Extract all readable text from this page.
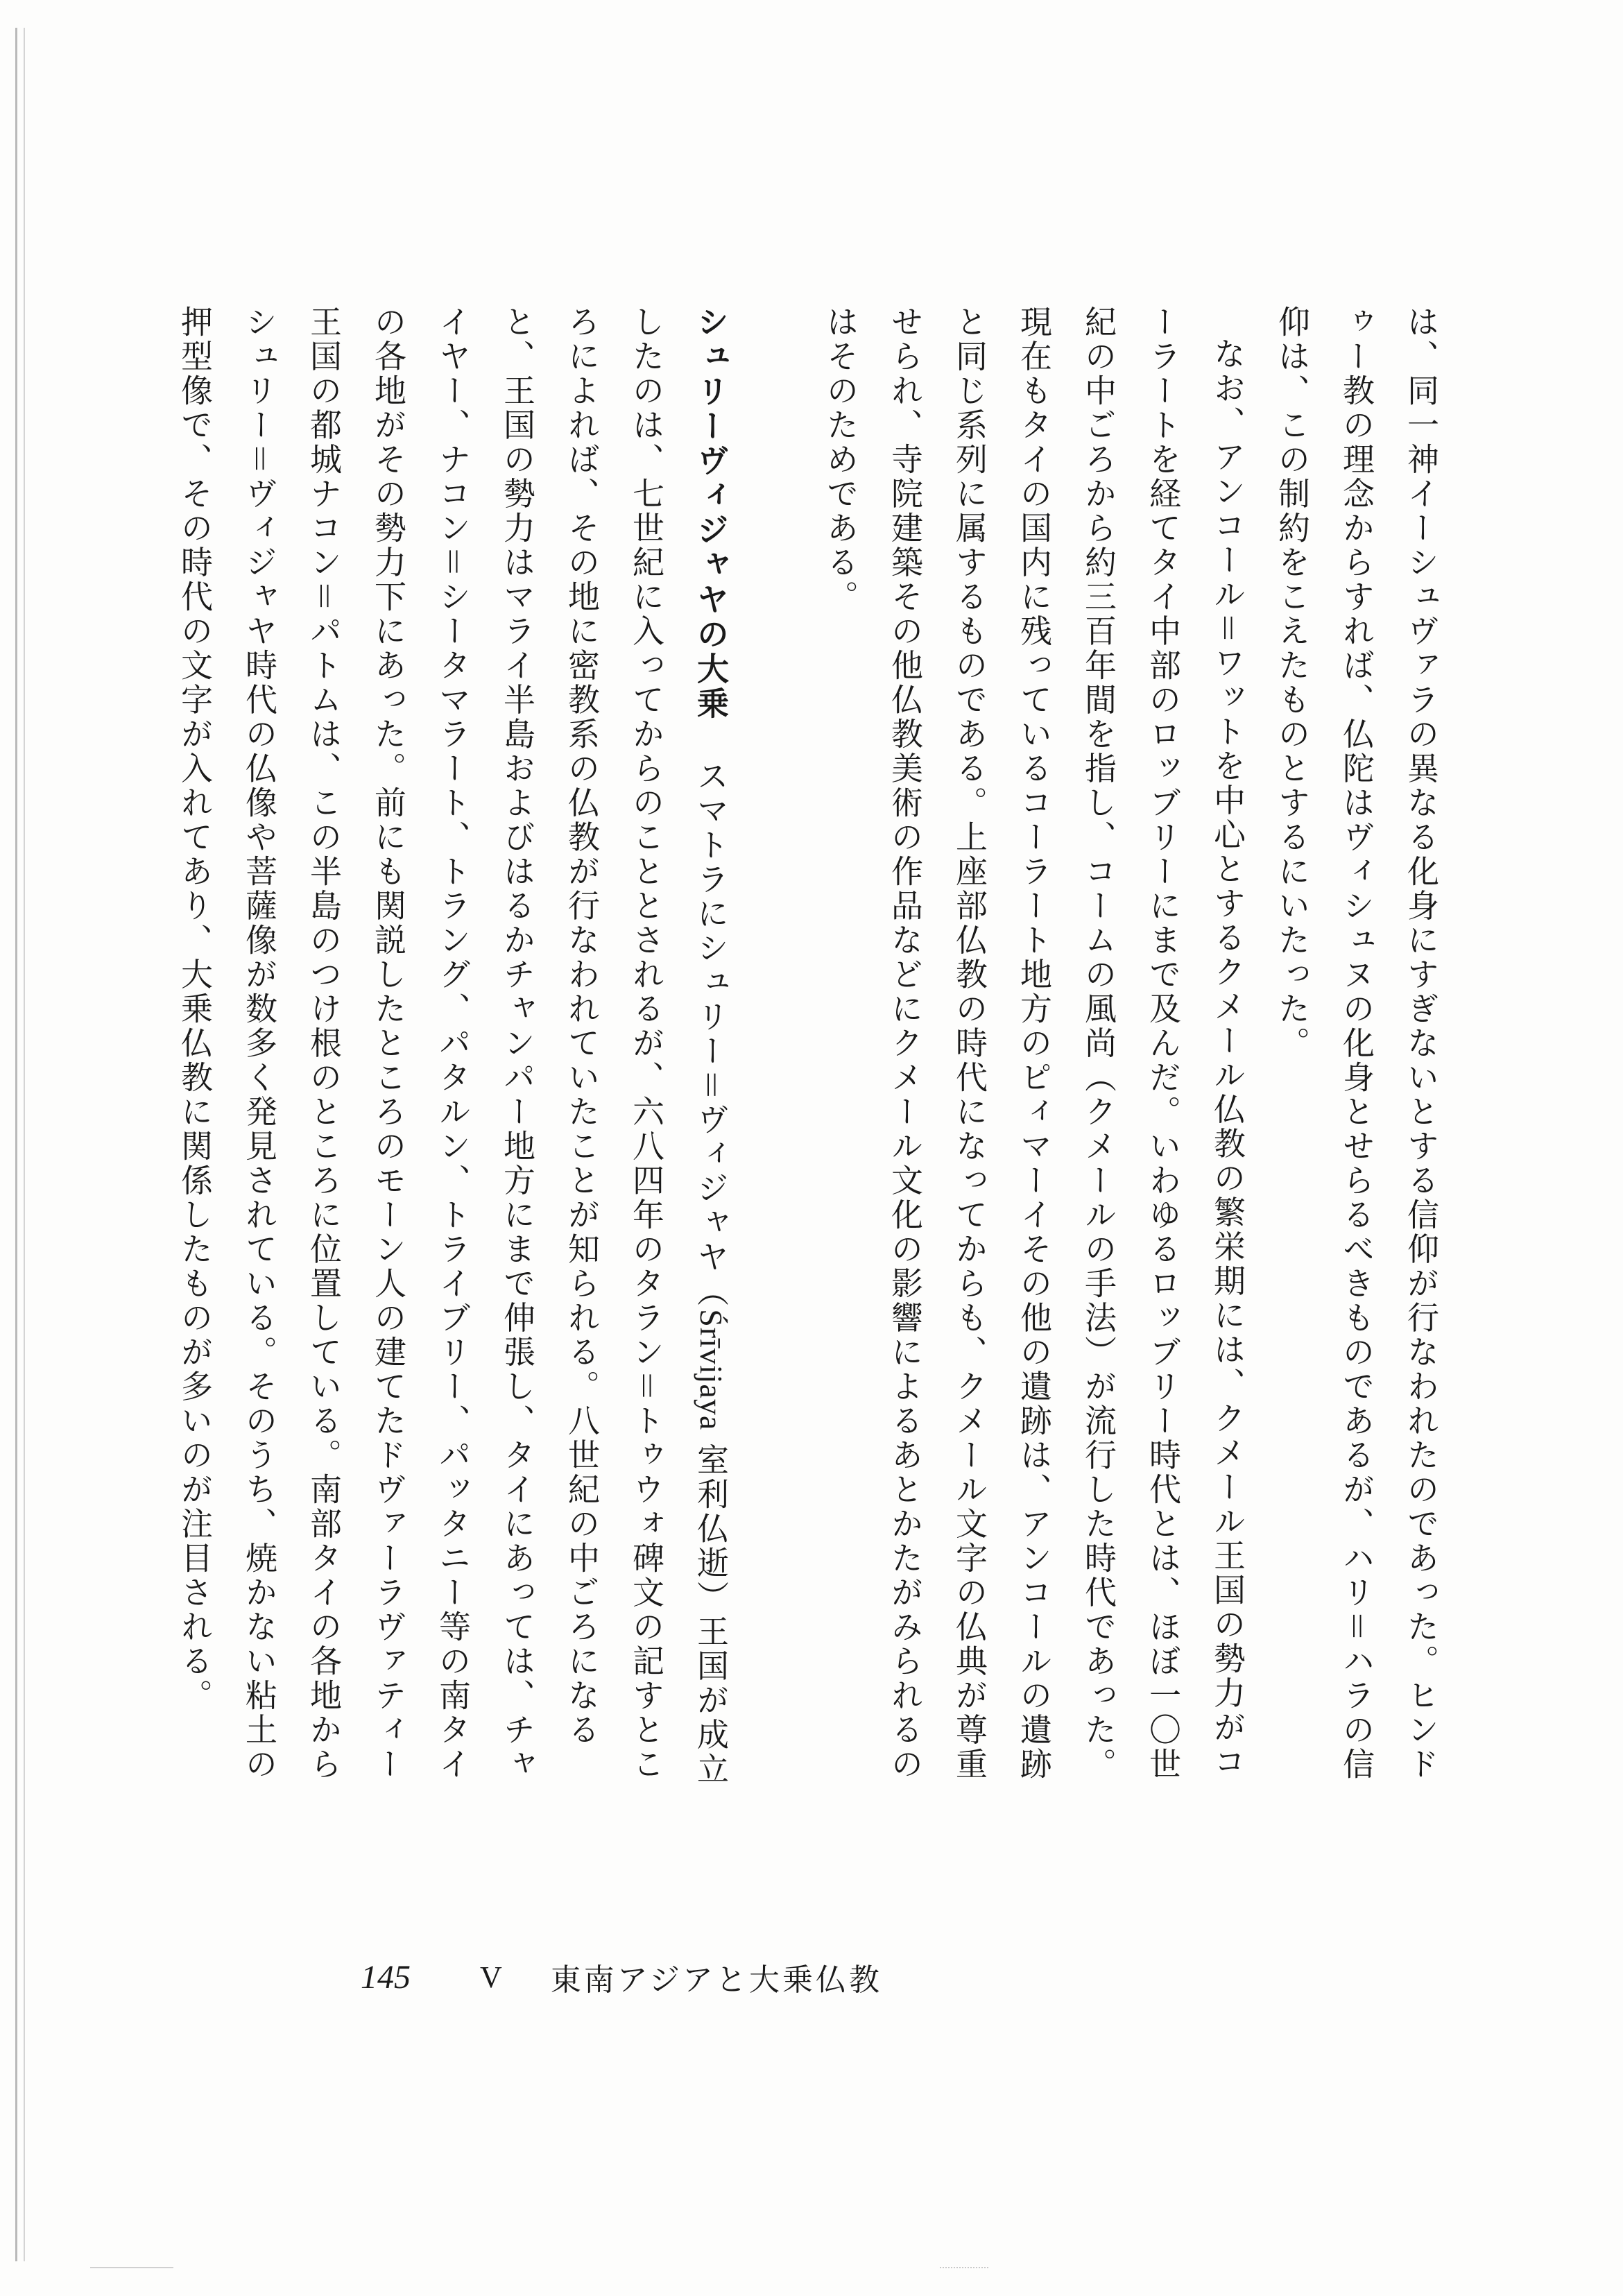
は、同一神イーシュヴァラの異なる化身にすぎないとする信仰が行なわれたのであった。ヒンドゥー教の理念からすれば、仏陀はヴィシュヌの化身とせらるべきものであるが、ハリ＝ハラの信仰は、この制約をこえたものとするにいたった。

なお、アンコール＝ワットを中心とするクメール仏教の繁栄期には、クメール王国の勢力がコーラートを経てタイ中部のロッブリーにまで及んだ。いわゆるロッブリー時代とは、ほぼ一〇世紀の中ごろから約三百年間を指し、コームの風尚（クメールの手法）が流行した時代であった。現在もタイの国内に残っているコーラート地方のピィマーイその他の遺跡は、アンコールの遺跡と同じ系列に属するものである。上座部仏教の時代になってからも、クメール文字の仏典が尊重せられ、寺院建築その他仏教美術の作品などにクメール文化の影響によるあとかたがみられるのはそのためである。

シュリーヴィジャヤの大乗スマトラにシュリー＝ヴィジャヤ（Śrīvijaya 室利仏逝）王国が成立したのは、七世紀に入ってからのこととされるが、六八四年のタラン＝トゥウォ碑文の記すところによれば、その地に密教系の仏教が行なわれていたことが知られる。八世紀の中ごろになると、王国の勢力はマライ半島およびはるかチャンパー地方にまで伸張し、タイにあっては、チャイヤー、ナコン＝シータマラート、トラング、パタルン、トライブリー、パッタニー等の南タイの各地がその勢力下にあった。前にも関説したところのモーン人の建てたドヴァーラヴァティー王国の都城ナコン＝パトムは、この半島のつけ根のところに位置している。南部タイの各地からシュリー＝ヴィジャヤ時代の仏像や菩薩像が数多く発見されている。そのうち、焼かない粘土の押型像で、その時代の文字が入れてあり、大乗仏教に関係したものが多いのが注目される。

145 V 東南アジアと大乗仏教
